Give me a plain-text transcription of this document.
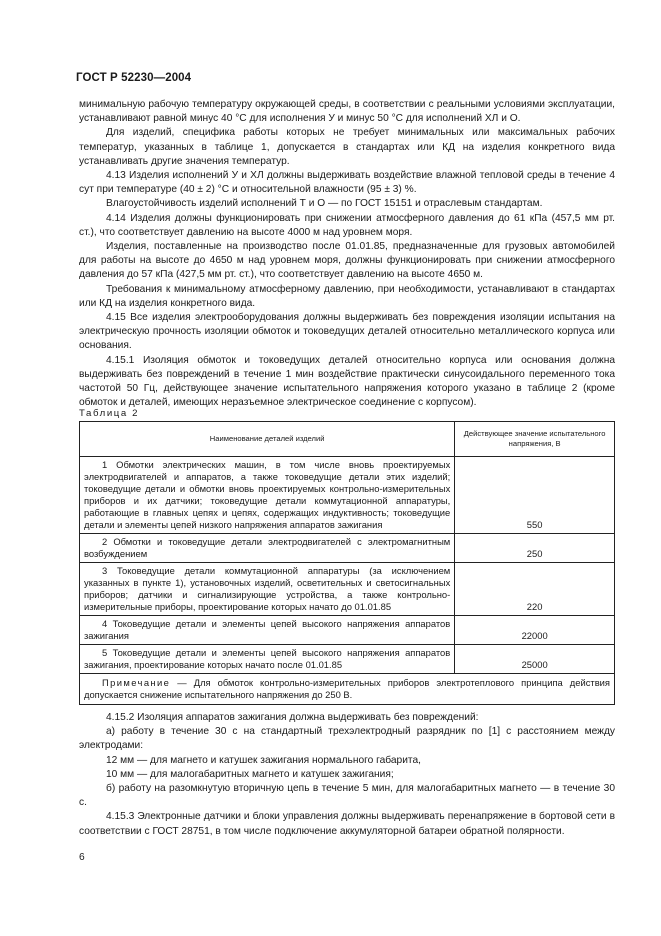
ГОСТ Р 52230—2004

минимальную рабочую температуру окружающей среды, в соответствии с реальными условиями эксплуатации, устанавливают равной минус 40 °С для исполнения У и минус 50 °С для исполнений ХЛ и О.

Для изделий, специфика работы которых не требует минимальных или максимальных рабочих температур, указанных в таблице 1, допускается в стандартах или КД на изделия конкретного вида устанавливать другие значения температур.

4.13 Изделия исполнений У и ХЛ должны выдерживать воздействие влажной тепловой среды в течение 4 сут при температуре (40 ± 2) °С и относительной влажности (95 ± 3) %.

Влагоустойчивость изделий исполнений Т и О — по ГОСТ 15151 и отраслевым стандартам.

4.14 Изделия должны функционировать при снижении атмосферного давления до 61 кПа (457,5 мм рт. ст.), что соответствует давлению на высоте 4000 м над уровнем моря.

Изделия, поставленные на производство после 01.01.85, предназначенные для грузовых автомобилей для работы на высоте до 4650 м над уровнем моря, должны функционировать при снижении атмосферного давления до 57 кПа (427,5 мм рт. ст.), что соответствует давлению на высоте 4650 м.

Требования к минимальному атмосферному давлению, при необходимости, устанавливают в стандартах или КД на изделия конкретного вида.

4.15 Все изделия электрооборудования должны выдерживать без повреждения изоляции испытания на электрическую прочность изоляции обмоток и токоведущих деталей относительно металлического корпуса или основания.

4.15.1 Изоляция обмоток и токоведущих деталей относительно корпуса или основания должна выдерживать без повреждений в течение 1 мин воздействие практически синусоидального переменного тока частотой 50 Гц, действующее значение испытательного напряжения которого указано в таблице 2 (кроме обмоток и деталей, имеющих неразъемное электрическое соединение с корпусом).

Таблица 2
Наименование деталей изделий	Действующее значение испытательного напряжения, В
1 Обмотки электрических машин, в том числе вновь проектируемых электродвигателей и аппаратов, а также токоведущие детали этих изделий; токоведущие детали и обмотки вновь проектируемых контрольно-измерительных приборов и их датчики; токоведущие детали коммутационной аппаратуры, работающие в главных цепях и цепях, содержащих индуктивность; токоведущие детали и элементы цепей низкого напряжения аппаратов зажигания	550
2 Обмотки и токоведущие детали электродвигателей с электромагнитным возбуждением	250
3 Токоведущие детали коммутационной аппаратуры (за исключением указанных в пункте 1), установочных изделий, осветительных и светосигнальных приборов; датчики и сигнализирующие устройства, а также контрольно-измерительные приборы, проектирование которых начато до 01.01.85	220
4 Токоведущие детали и элементы цепей высокого напряжения аппаратов зажигания	22000
5 Токоведущие детали и элементы цепей высокого напряжения аппаратов зажигания, проектирование которых начато после 01.01.85	25000
Примечание — Для обмоток контрольно-измерительных приборов электротеплового принципа действия допускается снижение испытательного напряжения до 250 В.	

4.15.2 Изоляция аппаратов зажигания должна выдерживать без повреждений:

а) работу в течение 30 с на стандартный трехэлектродный разрядник по [1] с расстоянием между электродами:

12 мм — для магнето и катушек зажигания нормального габарита,

10 мм — для малогабаритных магнето и катушек зажигания;

б) работу на разомкнутую вторичную цепь в течение 5 мин, для малогабаритных магнето — в течение 30 с.

4.15.3 Электронные датчики и блоки управления должны выдерживать перенапряжение в бортовой сети в соответствии с ГОСТ 28751, в том числе подключение аккумуляторной батареи обратной полярности.

6
